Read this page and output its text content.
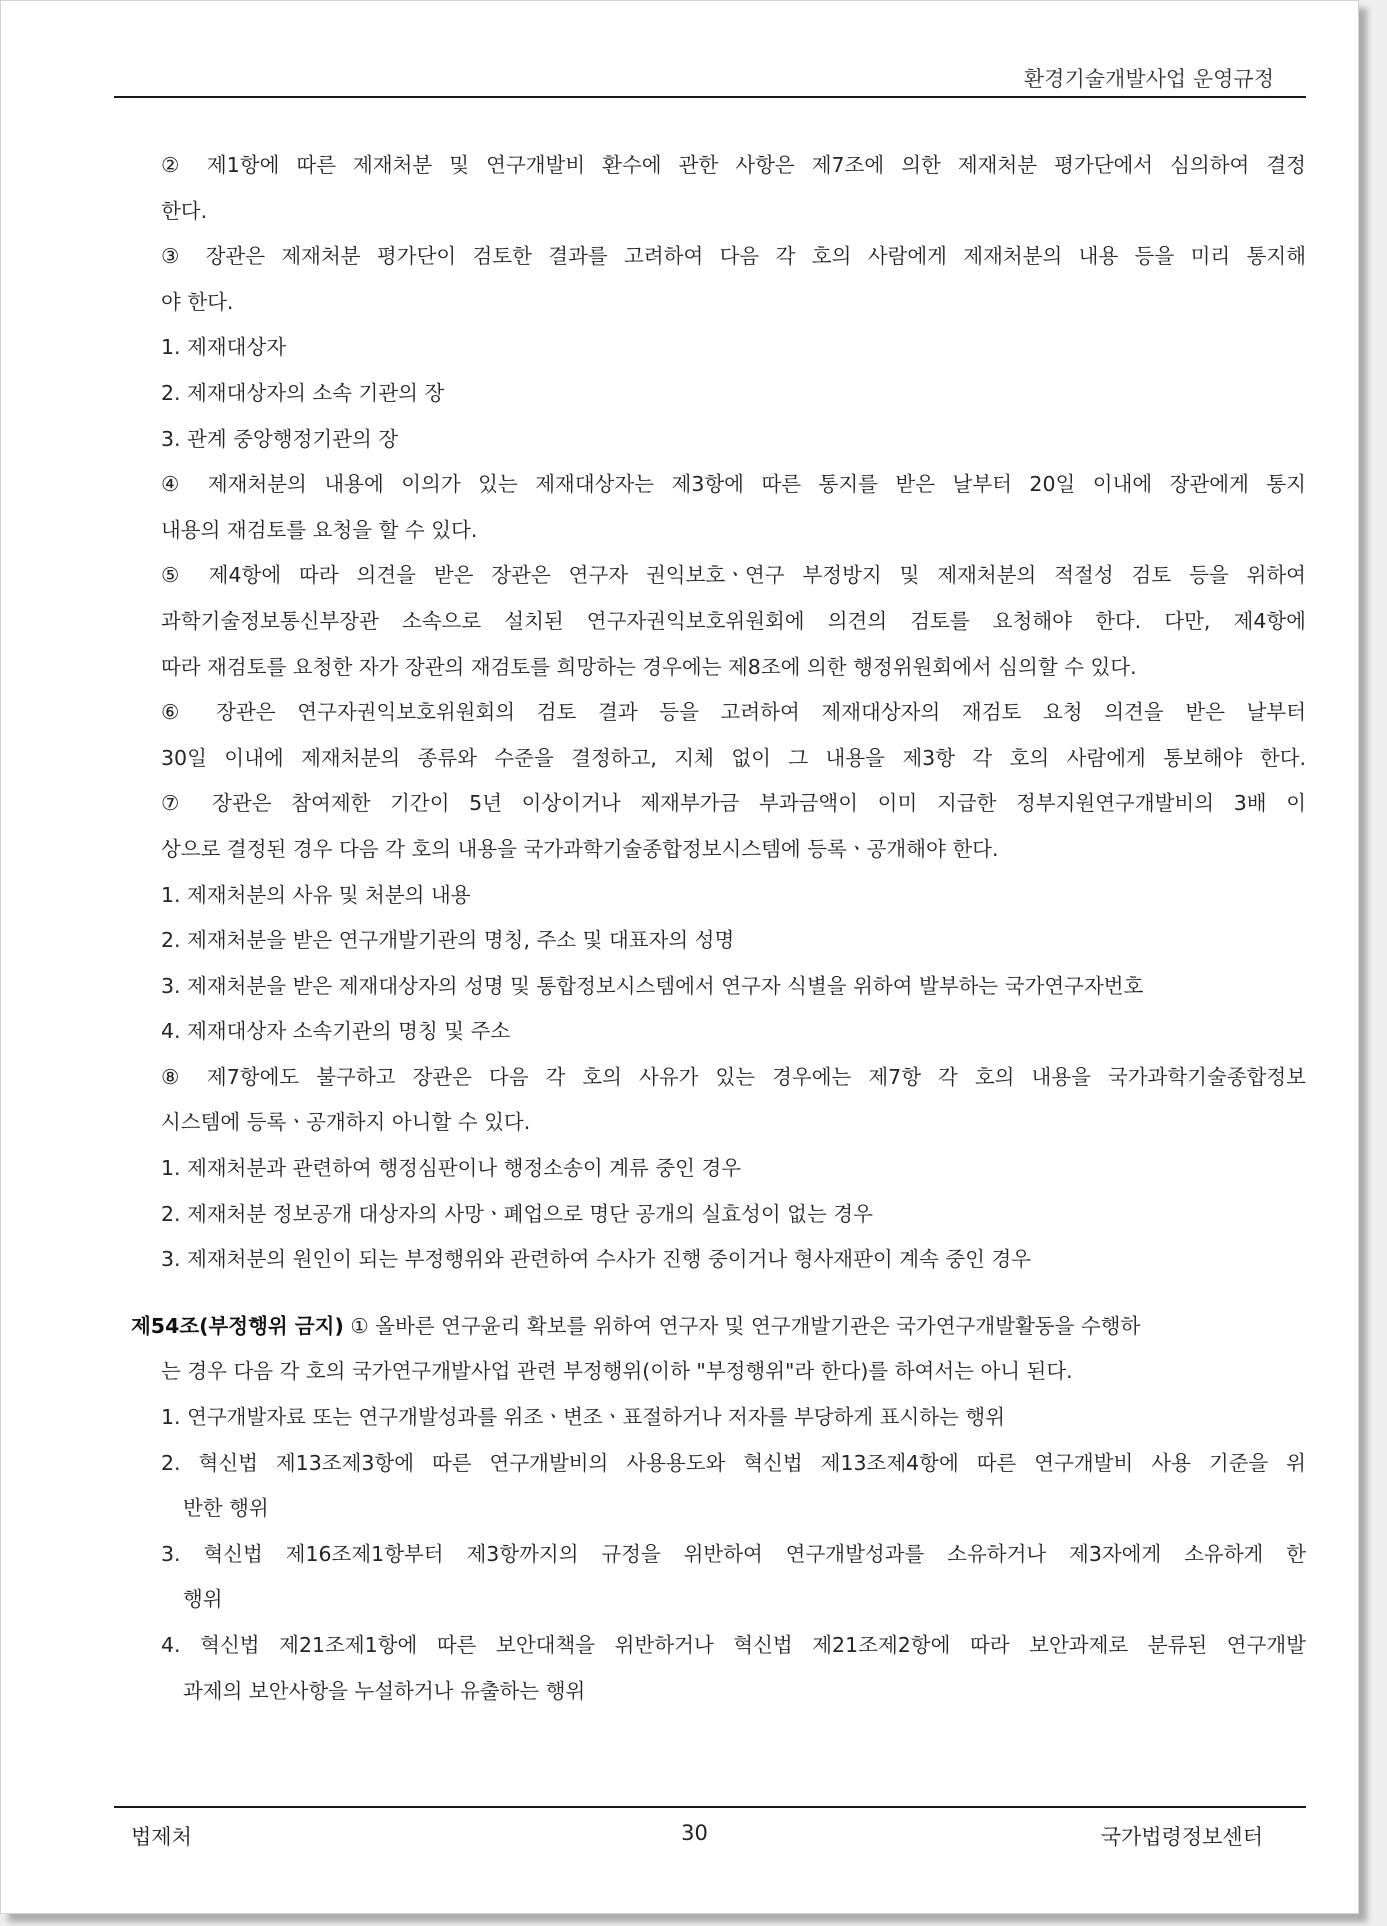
환경기술개발사업 운영규정
② 제1항에 따른 제재처분 및 연구개발비 환수에 관한 사항은 제7조에 의한 제재처분 평가단에서 심의하여 결정
한다.
③ 장관은 제재처분 평가단이 검토한 결과를 고려하여 다음 각 호의 사람에게 제재처분의 내용 등을 미리 통지해
야 한다.
1. 제재대상자
2. 제재대상자의 소속 기관의 장
3. 관계 중앙행정기관의 장
④ 제재처분의 내용에 이의가 있는 제재대상자는 제3항에 따른 통지를 받은 날부터 20일 이내에 장관에게 통지
내용의 재검토를 요청을 할 수 있다.
⑤ 제4항에 따라 의견을 받은 장관은 연구자 권익보호ㆍ연구 부정방지 및 제재처분의 적절성 검토 등을 위하여
과학기술정보통신부장관 소속으로 설치된 연구자권익보호위원회에 의견의 검토를 요청해야 한다. 다만, 제4항에
따라 재검토를 요청한 자가 장관의 재검토를 희망하는 경우에는 제8조에 의한 행정위원회에서 심의할 수 있다.
⑥ 장관은 연구자권익보호위원회의 검토 결과 등을 고려하여 제재대상자의 재검토 요청 의견을 받은 날부터
30일 이내에 제재처분의 종류와 수준을 결정하고, 지체 없이 그 내용을 제3항 각 호의 사람에게 통보해야 한다.
⑦ 장관은 참여제한 기간이 5년 이상이거나 제재부가금 부과금액이 이미 지급한 정부지원연구개발비의 3배 이
상으로 결정된 경우 다음 각 호의 내용을 국가과학기술종합정보시스템에 등록ㆍ공개해야 한다.
1. 제재처분의 사유 및 처분의 내용
2. 제재처분을 받은 연구개발기관의 명칭, 주소 및 대표자의 성명
3. 제재처분을 받은 제재대상자의 성명 및 통합정보시스템에서 연구자 식별을 위하여 발부하는 국가연구자번호
4. 제재대상자 소속기관의 명칭 및 주소
⑧ 제7항에도 불구하고 장관은 다음 각 호의 사유가 있는 경우에는 제7항 각 호의 내용을 국가과학기술종합정보
시스템에 등록ㆍ공개하지 아니할 수 있다.
1. 제재처분과 관련하여 행정심판이나 행정소송이 계류 중인 경우
2. 제재처분 정보공개 대상자의 사망ㆍ폐업으로 명단 공개의 실효성이 없는 경우
3. 제재처분의 원인이 되는 부정행위와 관련하여 수사가 진행 중이거나 형사재판이 계속 중인 경우
제54조(부정행위 금지) ① 올바른 연구윤리 확보를 위하여 연구자 및 연구개발기관은 국가연구개발활동을 수행하
는 경우 다음 각 호의 국가연구개발사업 관련 부정행위(이하 "부정행위"라 한다)를 하여서는 아니 된다.
1. 연구개발자료 또는 연구개발성과를 위조ㆍ변조ㆍ표절하거나 저자를 부당하게 표시하는 행위
2. 혁신법 제13조제3항에 따른 연구개발비의 사용용도와 혁신법 제13조제4항에 따른 연구개발비 사용 기준을 위
반한 행위
3. 혁신법 제16조제1항부터 제3항까지의 규정을 위반하여 연구개발성과를 소유하거나 제3자에게 소유하게 한
행위
4. 혁신법 제21조제1항에 따른 보안대책을 위반하거나 혁신법 제21조제2항에 따라 보안과제로 분류된 연구개발
과제의 보안사항을 누설하거나 유출하는 행위
법제처	30	국가법령정보센터
